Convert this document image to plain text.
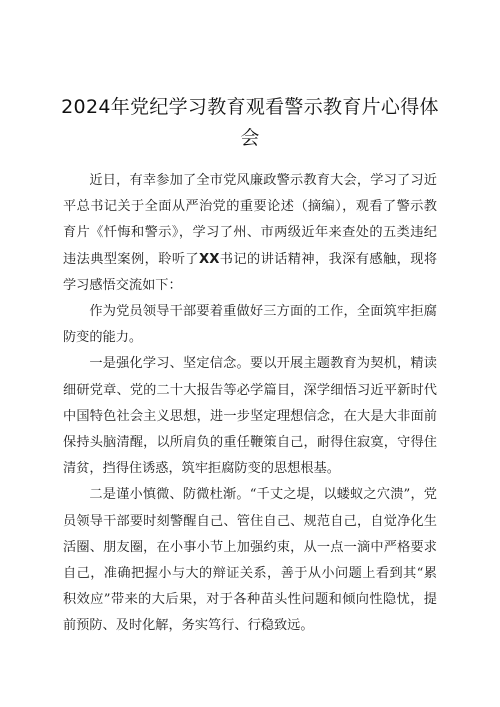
2024年党纪学习教育观看警示教育片心得体会

近日，有幸参加了全市党风廉政警示教育大会，学习了习近平总书记关于全面从严治党的重要论述（摘编），观看了警示教育片《忏悔和警示》，学习了州、市两级近年来查处的五类违纪违法典型案例，聆听了XX书记的讲话精神，我深有感触，现将学习感悟交流如下：

作为党员领导干部要着重做好三方面的工作，全面筑牢拒腐防变的能力。

一是强化学习、坚定信念。要以开展主题教育为契机，精读细研党章、党的二十大报告等必学篇目，深学细悟习近平新时代中国特色社会主义思想，进一步坚定理想信念，在大是大非面前保持头脑清醒，以所肩负的重任鞭策自己，耐得住寂寞，守得住清贫，挡得住诱惑，筑牢拒腐防变的思想根基。

二是谨小慎微、防微杜渐。“千丈之堤，以蝼蚁之穴溃”，党员领导干部要时刻警醒自己、管住自己、规范自己，自觉净化生活圈、朋友圈，在小事小节上加强约束，从一点一滴中严格要求自己，准确把握小与大的辩证关系，善于从小问题上看到其“累积效应”带来的大后果，对于各种苗头性问题和倾向性隐忧，提前预防、及时化解，务实笃行、行稳致远。
